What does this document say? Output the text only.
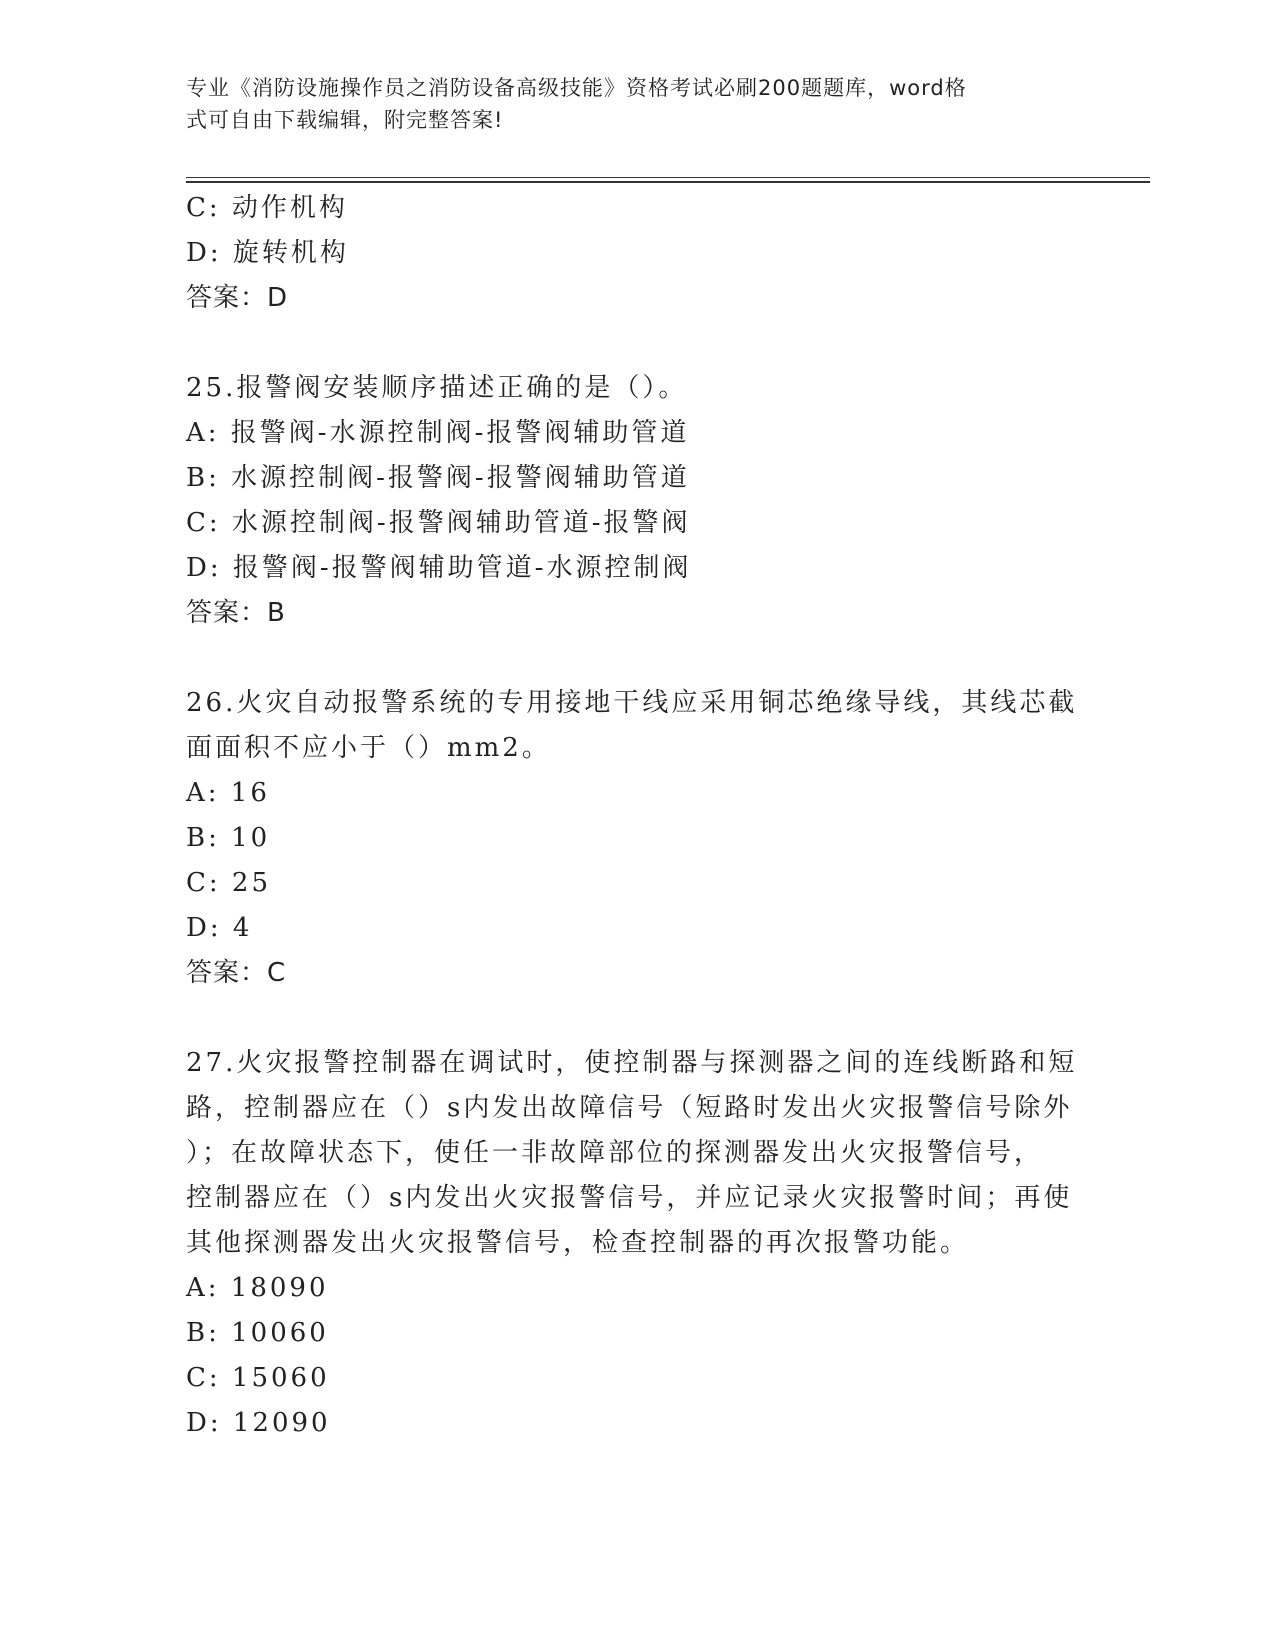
专业《消防设施操作员之消防设备高级技能》资格考试必刷200题题库，word格
式可自由下载编辑，附完整答案!
C: 动作机构
D: 旋转机构
答案：D
25.报警阀安装顺序描述正确的是（）。
A: 报警阀-水源控制阀-报警阀辅助管道
B: 水源控制阀-报警阀-报警阀辅助管道
C: 水源控制阀-报警阀辅助管道-报警阀
D: 报警阀-报警阀辅助管道-水源控制阀
答案：B
26.火灾自动报警系统的专用接地干线应采用铜芯绝缘导线，其线芯截
面面积不应小于（）mm2。
A: 16
B: 10
C: 25
D: 4
答案：C
27.火灾报警控制器在调试时，使控制器与探测器之间的连线断路和短
路，控制器应在（）s内发出故障信号（短路时发出火灾报警信号除外
）；在故障状态下，使任一非故障部位的探测器发出火灾报警信号，
控制器应在（）s内发出火灾报警信号，并应记录火灾报警时间；再使
其他探测器发出火灾报警信号，检查控制器的再次报警功能。
A: 18090
B: 10060
C: 15060
D: 12090
